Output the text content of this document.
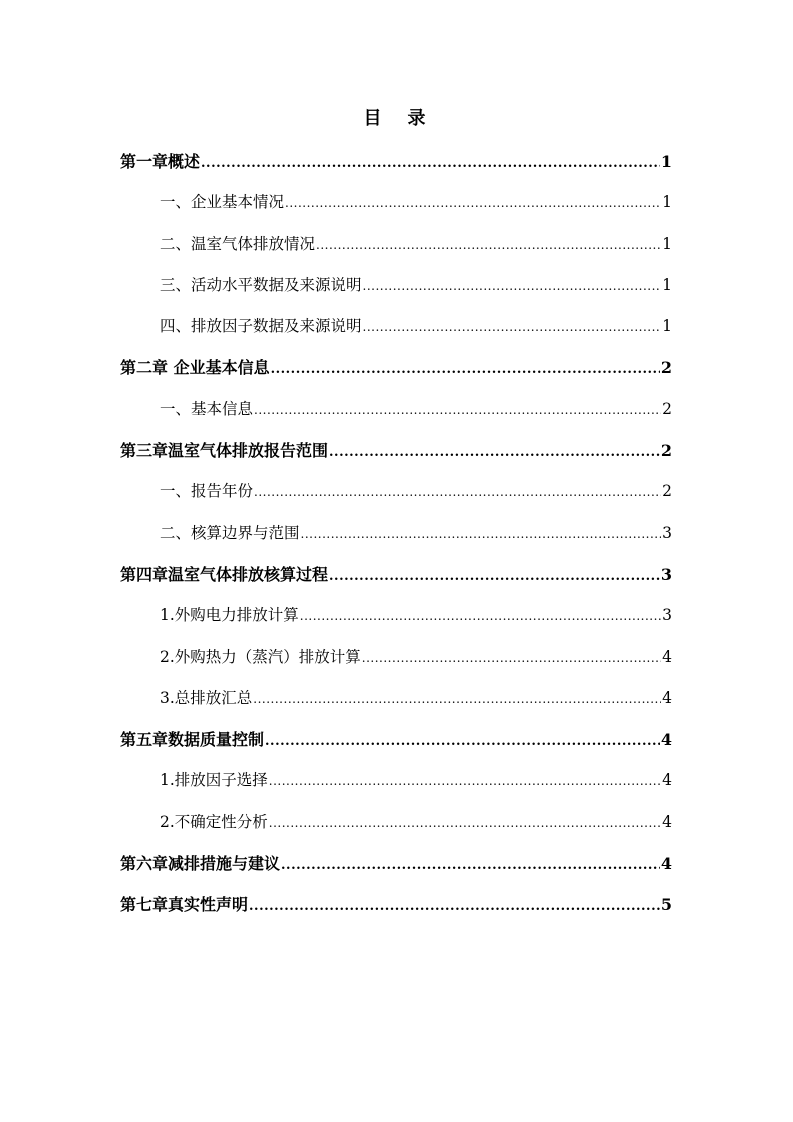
目　录
第一章概述 .....	1
一、企业基本情况 .....	1
二、温室气体排放情况 .....	1
三、活动水平数据及来源说明 .....	1
四、排放因子数据及来源说明 .....	1
第二章 企业基本信息 .....	2
一、基本信息 .....	2
第三章温室气体排放报告范围 .....	2
一、报告年份 .....	2
二、核算边界与范围 .....	3
第四章温室气体排放核算过程 .....	3
1.外购电力排放计算 .....	3
2.外购热力（蒸汽）排放计算 .....	4
3.总排放汇总 .....	4
第五章数据质量控制 .....	4
1.排放因子选择 .....	4
2.不确定性分析 .....	4
第六章减排措施与建议 .....	4
第七章真实性声明 .....	5
